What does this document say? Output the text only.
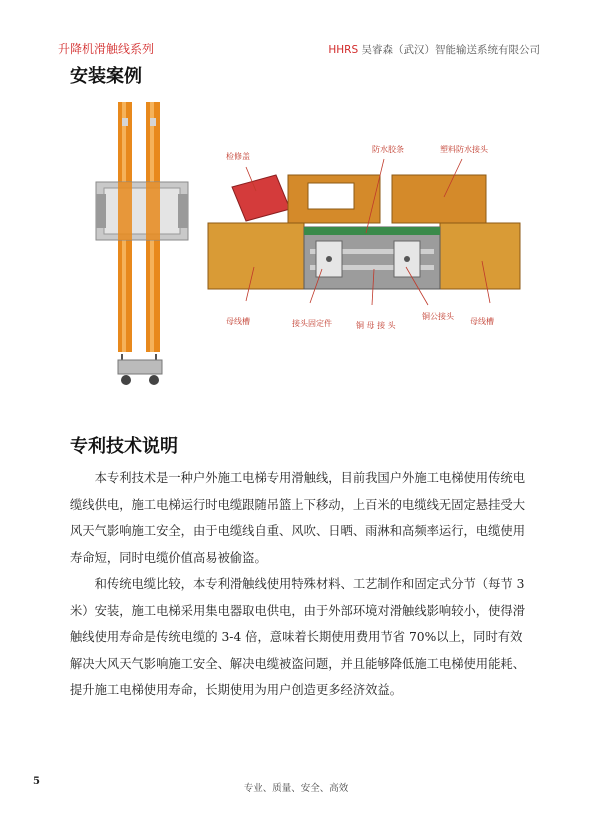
升降机滑触线系列	HHRS 吴睿森（武汉）智能输送系统有限公司
安装案例
检修盖
防水胶条	塑料防水接头
母线槽	接头固定件	铜 母 接 头
铜公接头
母线槽
专利技术说明

本专利技术是一种户外施工电梯专用滑触线，目前我国户外施工电梯使用传统电缆线供电，施工电梯运行时电缆跟随吊篮上下移动，上百米的电缆线无固定悬挂受大风天气影响施工安全，由于电缆线自重、风吹、日晒、雨淋和高频率运行，电缆使用寿命短，同时电缆价值高易被偷盗。

和传统电缆比较，本专利滑触线使用特殊材料、工艺制作和固定式分节（每节 3 米）安装，施工电梯采用集电器取电供电，由于外部环境对滑触线影响较小，使得滑触线使用寿命是传统电缆的 3-4 倍，意味着长期使用费用节省 70%以上，同时有效解决大风天气影响施工安全、解决电缆被盗问题，并且能够降低施工电梯使用能耗、提升施工电梯使用寿命，长期使用为用户创造更多经济效益。

5
专业、质量、安全、高效
